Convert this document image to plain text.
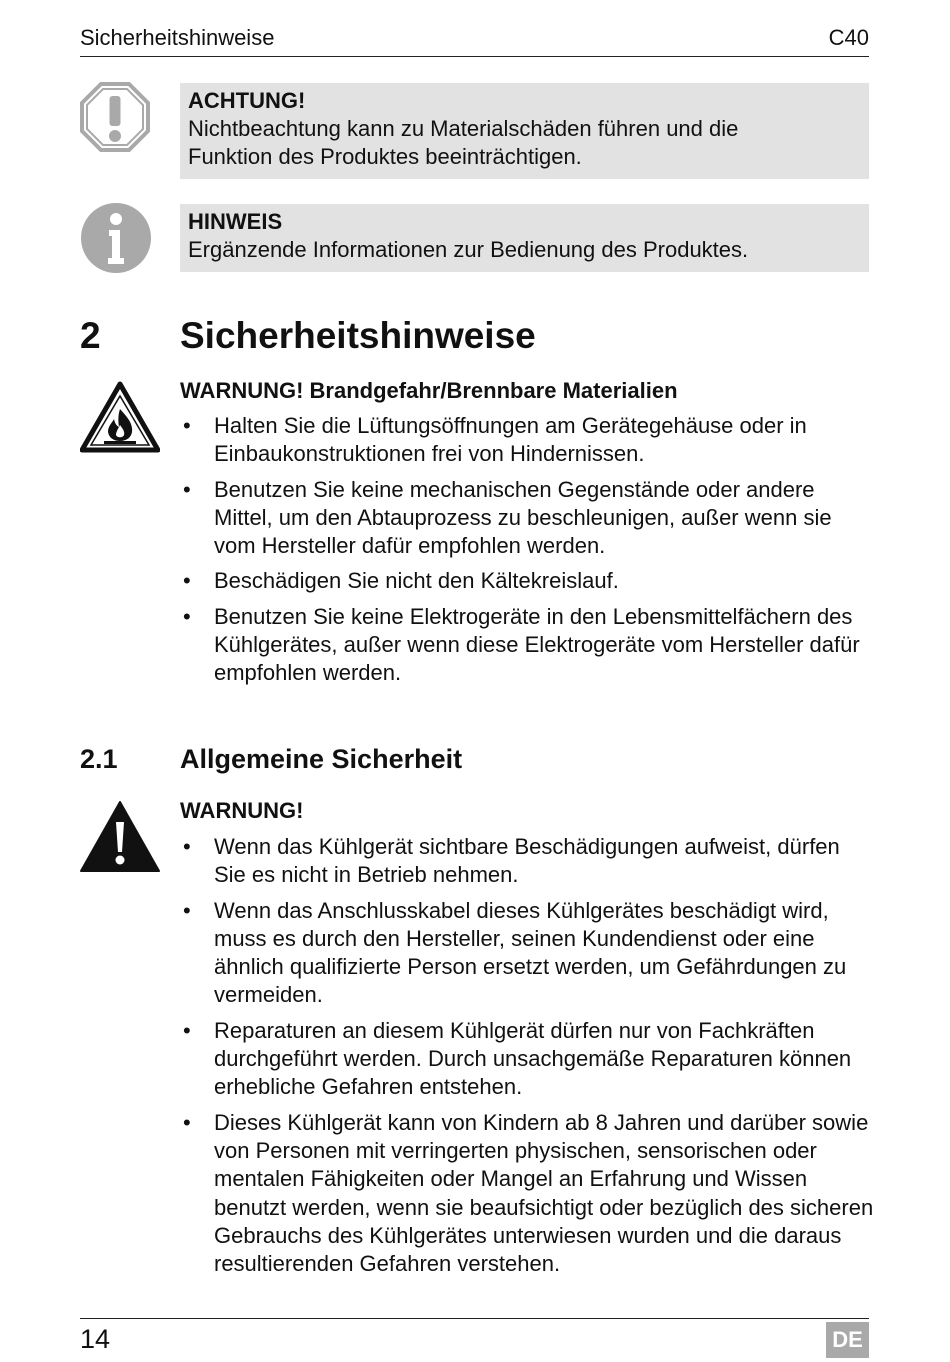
Sicherheitshinweise	C40
ACHTUNG!
Nichtbeachtung kann zu Materialschäden führen und die
Funktion des Produktes beeinträchtigen.
HINWEIS
Ergänzende Informationen zur Bedienung des Produktes.
2 Sicherheitshinweise
WARNUNG! Brandgefahr/Brennbare Materialien
• Halten Sie die Lüftungsöffnungen am Gerätegehäuse oder in Einbaukonstruktionen frei von Hindernissen.
• Benutzen Sie keine mechanischen Gegenstände oder andere Mittel, um den Abtauprozess zu beschleunigen, außer wenn sie vom Hersteller dafür empfohlen werden.
• Beschädigen Sie nicht den Kältekreislauf.
• Benutzen Sie keine Elektrogeräte in den Lebensmittelfächern des Kühlgerätes, außer wenn diese Elektrogeräte vom Hersteller dafür empfohlen werden.
2.1 Allgemeine Sicherheit
WARNUNG!
• Wenn das Kühlgerät sichtbare Beschädigungen aufweist, dürfen Sie es nicht in Betrieb nehmen.
• Wenn das Anschlusskabel dieses Kühlgerätes beschädigt wird, muss es durch den Hersteller, seinen Kundendienst oder eine ähnlich qualifizierte Person ersetzt werden, um Gefährdungen zu vermeiden.
• Reparaturen an diesem Kühlgerät dürfen nur von Fachkräften durchgeführt werden. Durch unsachgemäße Reparaturen können erhebliche Gefahren entstehen.
• Dieses Kühlgerät kann von Kindern ab 8 Jahren und darüber sowie von Personen mit verringerten physischen, sensorischen oder mentalen Fähigkeiten oder Mangel an Erfahrung und Wissen benutzt werden, wenn sie beaufsichtigt oder bezüglich des sicheren Gebrauchs des Kühlgerätes unterwiesen wurden und die daraus resultierenden Gefahren verstehen.
14	DE
